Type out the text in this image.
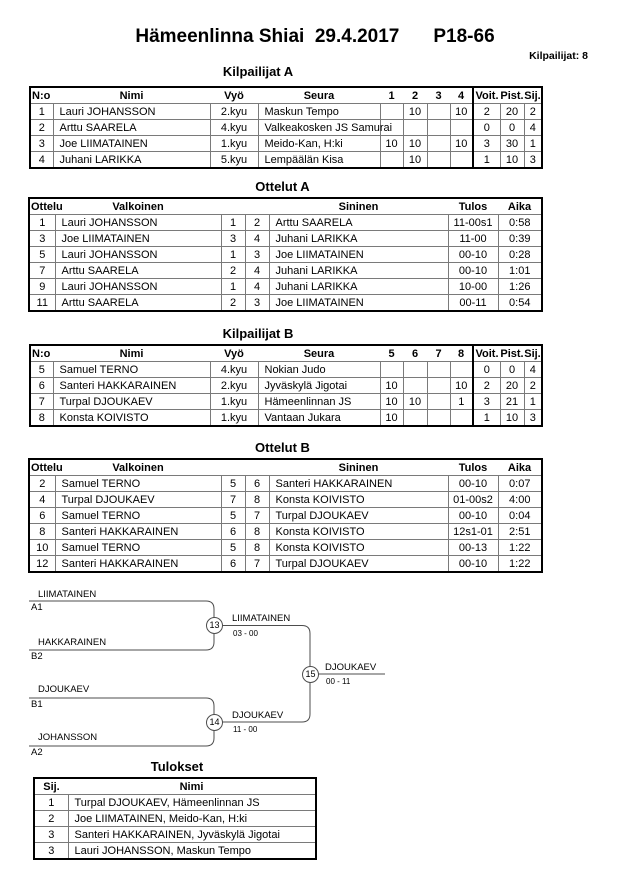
Hämeenlinna Shiai  29.4.2017 P18-66
Kilpailijat: 8
Kilpailijat A
N:o	Nimi	Vyö	Seura	1	2	3	4	Voit.	Pist.	Sij.
1	Lauri JOHANSSON	2.kyu	Maskun Tempo		10		10	2	20	2
2	Arttu SAARELA	4.kyu	Valkeakosken JS Samurai					0	0	4
3	Joe LIIMATAINEN	1.kyu	Meido-Kan, H:ki	10	10		10	3	30	1
4	Juhani LARIKKA	5.kyu	Lempäälän Kisa		10			1	10	3
Ottelut A
Ottelu	Valkoinen			Sininen	Tulos	Aika
1	Lauri JOHANSSON	1	2	Arttu SAARELA	11-00s1	0:58
3	Joe LIIMATAINEN	3	4	Juhani LARIKKA	11-00	0:39
5	Lauri JOHANSSON	1	3	Joe LIIMATAINEN	00-10	0:28
7	Arttu SAARELA	2	4	Juhani LARIKKA	00-10	1:01
9	Lauri JOHANSSON	1	4	Juhani LARIKKA	10-00	1:26
11	Arttu SAARELA	2	3	Joe LIIMATAINEN	00-11	0:54
Kilpailijat B
N:o	Nimi	Vyö	Seura	5	6	7	8	Voit.	Pist.	Sij.
5	Samuel TERNO	4.kyu	Nokian Judo					0	0	4
6	Santeri HAKKARAINEN	2.kyu	Jyväskylä Jigotai	10			10	2	20	2
7	Turpal DJOUKAEV	1.kyu	Hämeenlinnan JS	10	10		1	3	21	1
8	Konsta KOIVISTO	1.kyu	Vantaan Jukara	10				1	10	3
Ottelut B
Ottelu	Valkoinen			Sininen	Tulos	Aika
2	Samuel TERNO	5	6	Santeri HAKKARAINEN	00-10	0:07
4	Turpal DJOUKAEV	7	8	Konsta KOIVISTO	01-00s2	4:00
6	Samuel TERNO	5	7	Turpal DJOUKAEV	00-10	0:04
8	Santeri HAKKARAINEN	6	8	Konsta KOIVISTO	12s1-01	2:51
10	Samuel TERNO	5	8	Konsta KOIVISTO	00-13	1:22
12	Santeri HAKKARAINEN	6	7	Turpal DJOUKAEV	00-10	1:22
LIIMATAINEN
A1
HAKKARAINEN
B2
DJOUKAEV
B1
JOHANSSON
A2
13
LIIMATAINEN
03 - 00
14
DJOUKAEV
11 - 00
15
DJOUKAEV
00 - 11
Tulokset
Sij.	Nimi
1	Turpal DJOUKAEV, Hämeenlinnan JS
2	Joe LIIMATAINEN, Meido-Kan, H:ki
3	Santeri HAKKARAINEN, Jyväskylä Jigotai
3	Lauri JOHANSSON, Maskun Tempo
